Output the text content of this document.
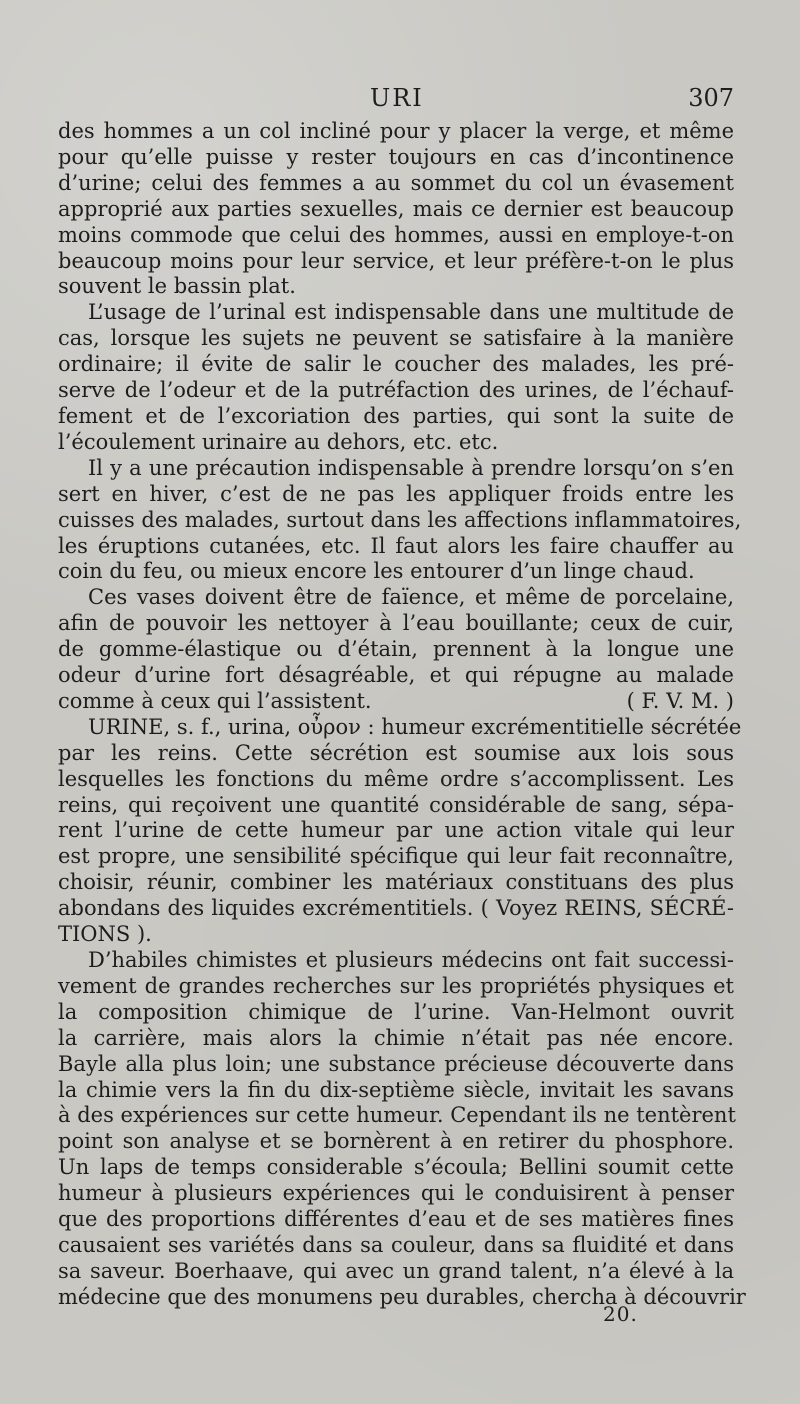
URI	307
des hommes a un col incliné pour y placer la verge, et même
pour qu’elle puisse y rester toujours en cas d’incontinence
d’urine; celui des femmes a au sommet du col un évasement
approprié aux parties sexuelles, mais ce dernier est beaucoup
moins commode que celui des hommes, aussi en employe-t-on
beaucoup moins pour leur service, et leur préfère-t-on le plus
souvent le bassin plat.
L’usage de l’urinal est indispensable dans une multitude de
cas, lorsque les sujets ne peuvent se satisfaire à la manière
ordinaire; il évite de salir le coucher des malades, les pré-
serve de l’odeur et de la putréfaction des urines, de l’échauf-
fement et de l’excoriation des parties, qui sont la suite de
l’écoulement urinaire au dehors, etc. etc.
Il y a une précaution indispensable à prendre lorsqu’on s’en
sert en hiver, c’est de ne pas les appliquer froids entre les
cuisses des malades, surtout dans les affections inflammatoires,
les éruptions cutanées, etc. Il faut alors les faire chauffer au
coin du feu, ou mieux encore les entourer d’un linge chaud.
Ces vases doivent être de faïence, et même de porcelaine,
afin de pouvoir les nettoyer à l’eau bouillante; ceux de cuir,
de gomme-élastique ou d’étain, prennent à la longue une
odeur d’urine fort désagréable, et qui répugne au malade
comme à ceux qui l’assistent.	( F. V. M. )
URINE, s. f., urina, οὖρον : humeur excrémentitielle sécrétée
par les reins. Cette sécrétion est soumise aux lois sous
lesquelles les fonctions du même ordre s’accomplissent. Les
reins, qui reçoivent une quantité considérable de sang, sépa-
rent l’urine de cette humeur par une action vitale qui leur
est propre, une sensibilité spécifique qui leur fait reconnaître,
choisir, réunir, combiner les matériaux constituans des plus
abondans des liquides excrémentitiels. ( Voyez REINS, SÉCRÉ-
TIONS ).
D’habiles chimistes et plusieurs médecins ont fait successi-
vement de grandes recherches sur les propriétés physiques et
la composition chimique de l’urine. Van-Helmont ouvrit
la carrière, mais alors la chimie n’était pas née encore.
Bayle alla plus loin; une substance précieuse découverte dans
la chimie vers la fin du dix-septième siècle, invitait les savans
à des expériences sur cette humeur. Cependant ils ne tentèrent
point son analyse et se bornèrent à en retirer du phosphore.
Un laps de temps considerable s’écoula; Bellini soumit cette
humeur à plusieurs expériences qui le conduisirent à penser
que des proportions différentes d’eau et de ses matières fines
causaient ses variétés dans sa couleur, dans sa fluidité et dans
sa saveur. Boerhaave, qui avec un grand talent, n’a élevé à la
médecine que des monumens peu durables, chercha à découvrir
20.
